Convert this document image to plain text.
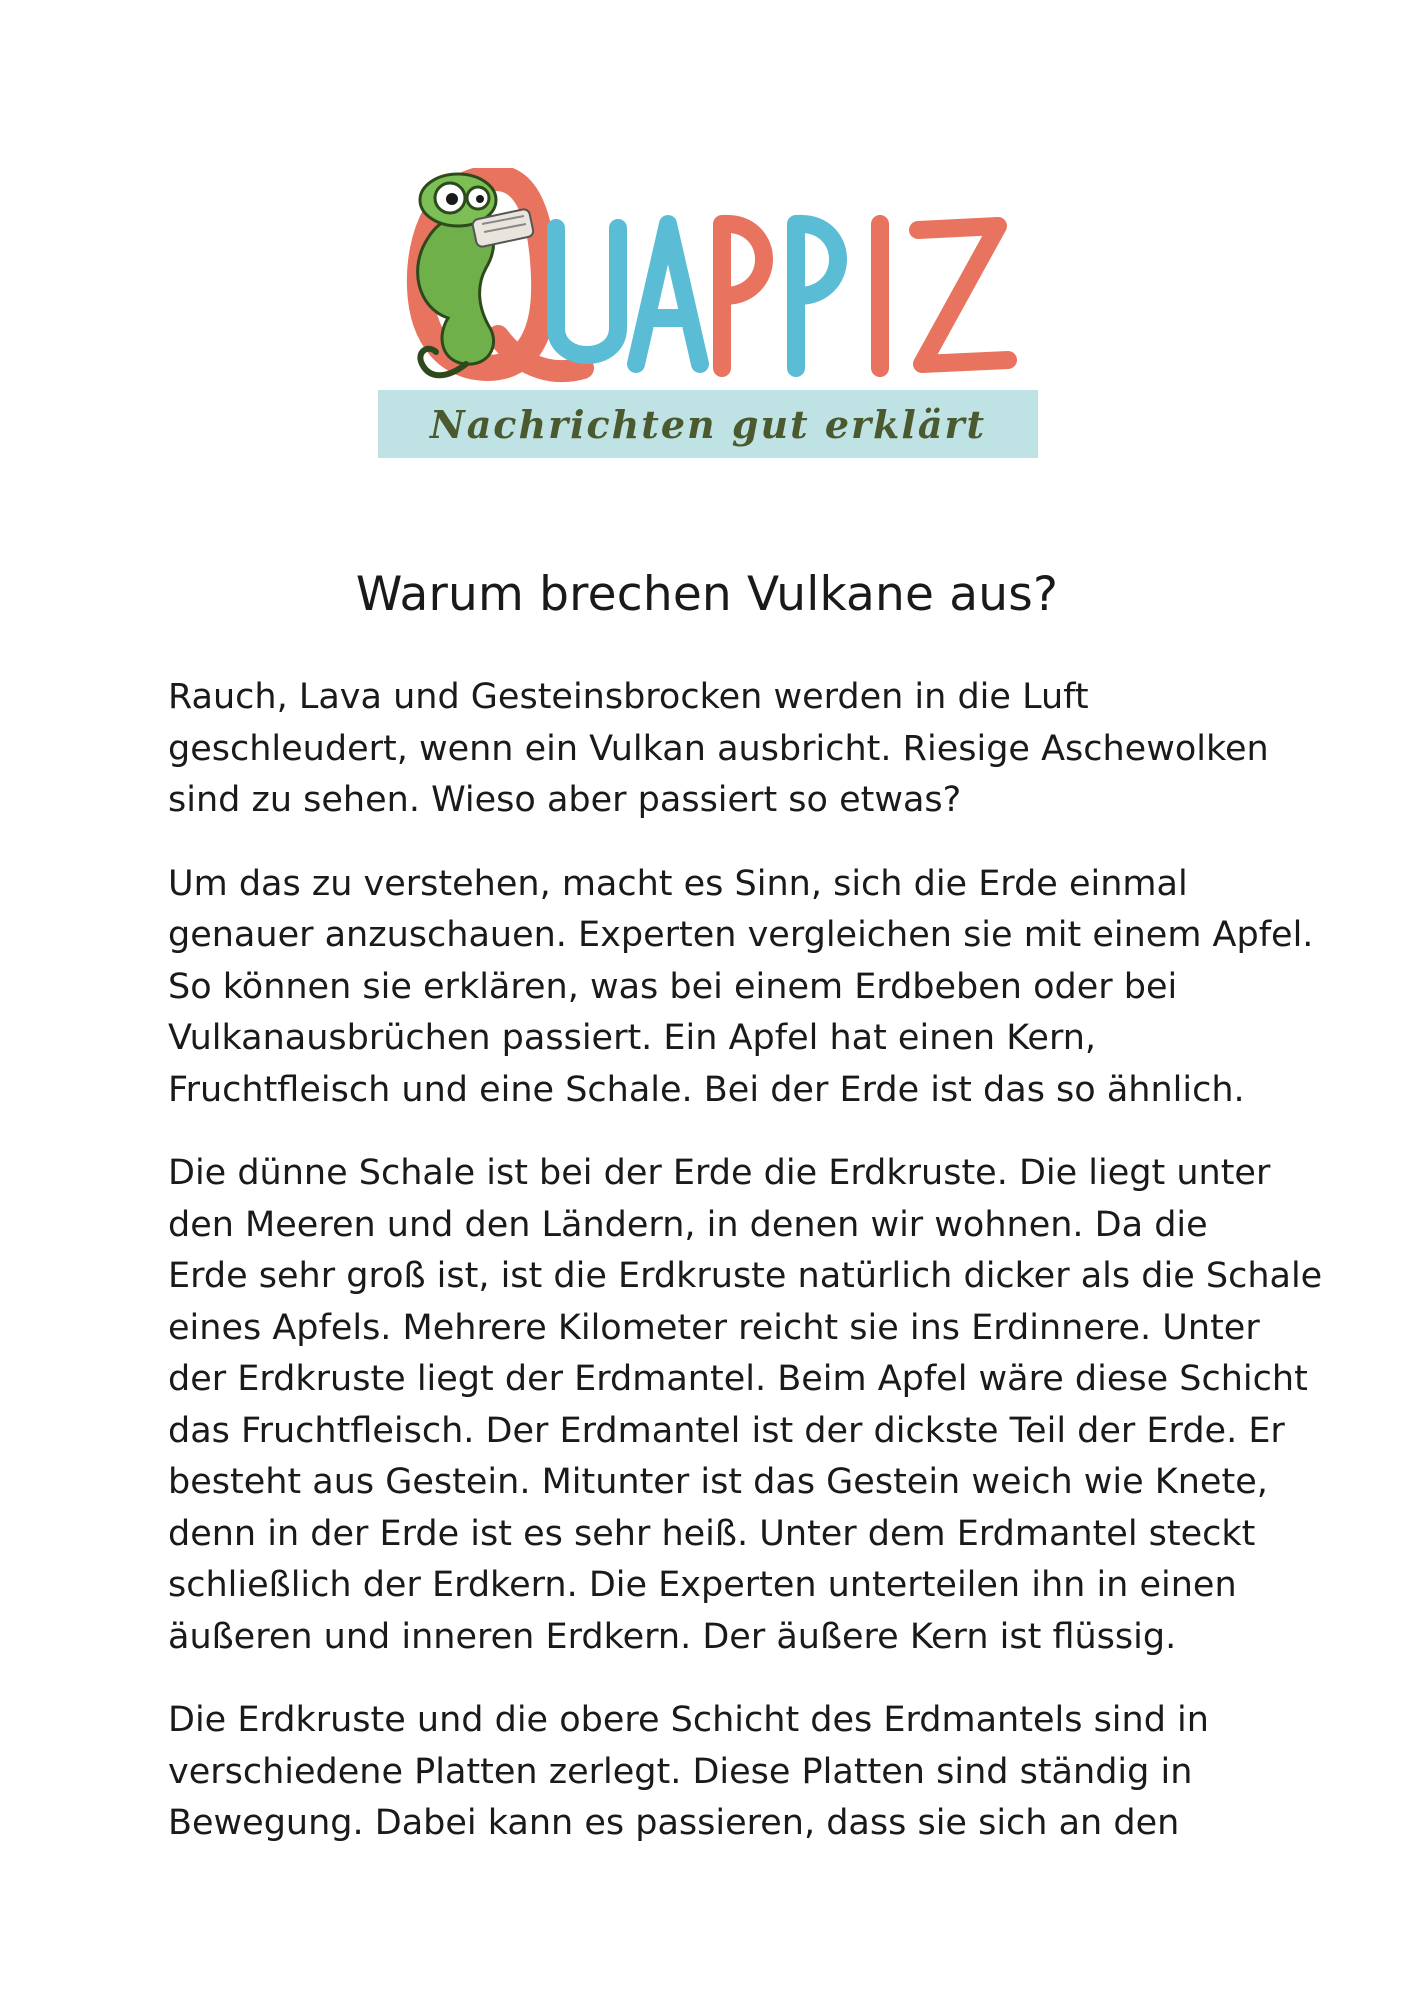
Nachrichten gut erklärt
QUAPPIZ
Warum brechen Vulkane aus?

Rauch, Lava und Gesteinsbrocken werden in die Luft
geschleudert, wenn ein Vulkan ausbricht. Riesige Aschewolken
sind zu sehen. Wieso aber passiert so etwas?

Um das zu verstehen, macht es Sinn, sich die Erde einmal
genauer anzuschauen. Experten vergleichen sie mit einem Apfel.
So können sie erklären, was bei einem Erdbeben oder bei
Vulkanausbrüchen passiert. Ein Apfel hat einen Kern,
Fruchtfleisch und eine Schale. Bei der Erde ist das so ähnlich.

Die dünne Schale ist bei der Erde die Erdkruste. Die liegt unter
den Meeren und den Ländern, in denen wir wohnen. Da die
Erde sehr groß ist, ist die Erdkruste natürlich dicker als die Schale
eines Apfels. Mehrere Kilometer reicht sie ins Erdinnere. Unter
der Erdkruste liegt der Erdmantel. Beim Apfel wäre diese Schicht
das Fruchtfleisch. Der Erdmantel ist der dickste Teil der Erde. Er
besteht aus Gestein. Mitunter ist das Gestein weich wie Knete,
denn in der Erde ist es sehr heiß. Unter dem Erdmantel steckt
schließlich der Erdkern. Die Experten unterteilen ihn in einen
äußeren und inneren Erdkern. Der äußere Kern ist flüssig.

Die Erdkruste und die obere Schicht des Erdmantels sind in
verschiedene Platten zerlegt. Diese Platten sind ständig in
Bewegung. Dabei kann es passieren, dass sie sich an den
